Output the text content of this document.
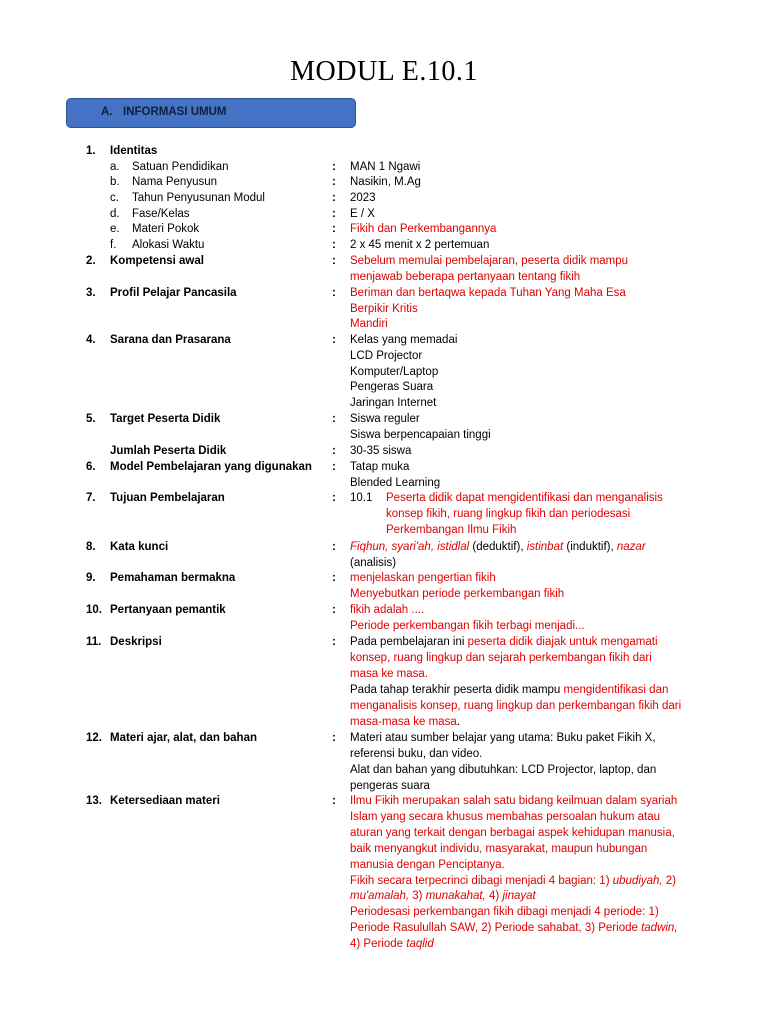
MODUL E.10.1
A. INFORMASI UMUM
1. Identitas
a. Satuan Pendidikan	: MAN 1 Ngawi
b. Nama Penyusun	: Nasikin, M.Ag
c. Tahun Penyusunan Modul	: 2023
d. Fase/Kelas	: E / X
e. Materi Pokok	: Fikih dan Perkembangannya
f. Alokasi Waktu	: 2 x 45 menit x 2 pertemuan
2. Kompetensi awal	: Sebelum memulai pembelajaran, peserta didik mampu
menjawab beberapa pertanyaan tentang fikih
3. Profil Pelajar Pancasila	: Beriman dan bertaqwa kepada Tuhan Yang Maha Esa
Berpikir Kritis
Mandiri
4. Sarana dan Prasarana	: Kelas yang memadai
LCD Projector
Komputer/Laptop
Pengeras Suara
Jaringan Internet
5. Target Peserta Didik	: Siswa reguler
Siswa berpencapaian tinggi
Jumlah Peserta Didik	: 30-35 siswa
6. Model Pembelajaran yang digunakan : Tatap muka
Blended Learning
7. Tujuan Pembelajaran	: 10.1 Peserta didik dapat mengidentifikasi dan menganalisis
konsep fikih, ruang lingkup fikih dan periodesasi
Perkembangan Ilmu Fikih
8. Kata kunci	: Fiqhun, syari'ah, istidlal (deduktif), istinbat (induktif), nazar
(analisis)
9. Pemahaman bermakna	: menjelaskan pengertian fikih
Menyebutkan periode perkembangan fikih
10. Pertanyaan pemantik	: fikih adalah ....
Periode perkembangan fikih terbagi menjadi...
11. Deskripsi	: Pada pembelajaran ini peserta didik diajak untuk mengamati
konsep, ruang lingkup dan sejarah perkembangan fikih dari
masa ke masa.
Pada tahap terakhir peserta didik mampu mengidentifikasi dan
menganalisis konsep, ruang lingkup dan perkembangan fikih dari
masa-masa ke masa.
12. Materi ajar, alat, dan bahan	: Materi atau sumber belajar yang utama: Buku paket Fikih X,
referensi buku, dan video.
Alat dan bahan yang dibutuhkan: LCD Projector, laptop, dan
pengeras suara
13. Ketersediaan materi	: Ilmu Fikih merupakan salah satu bidang keilmuan dalam syariah
Islam yang secara khusus membahas persoalan hukum atau
aturan yang terkait dengan berbagai aspek kehidupan manusia,
baik menyangkut individu, masyarakat, maupun hubungan
manusia dengan Penciptanya.
Fikih secara terpecrinci dibagi menjadi 4 bagian: 1) ubudiyah, 2)
mu'amalah, 3) munakahat, 4) jinayat
Periodesasi perkembangan fikih dibagi menjadi 4 periode: 1)
Periode Rasulullah SAW, 2) Periode sahabat, 3) Periode tadwin,
4) Periode taqlid
